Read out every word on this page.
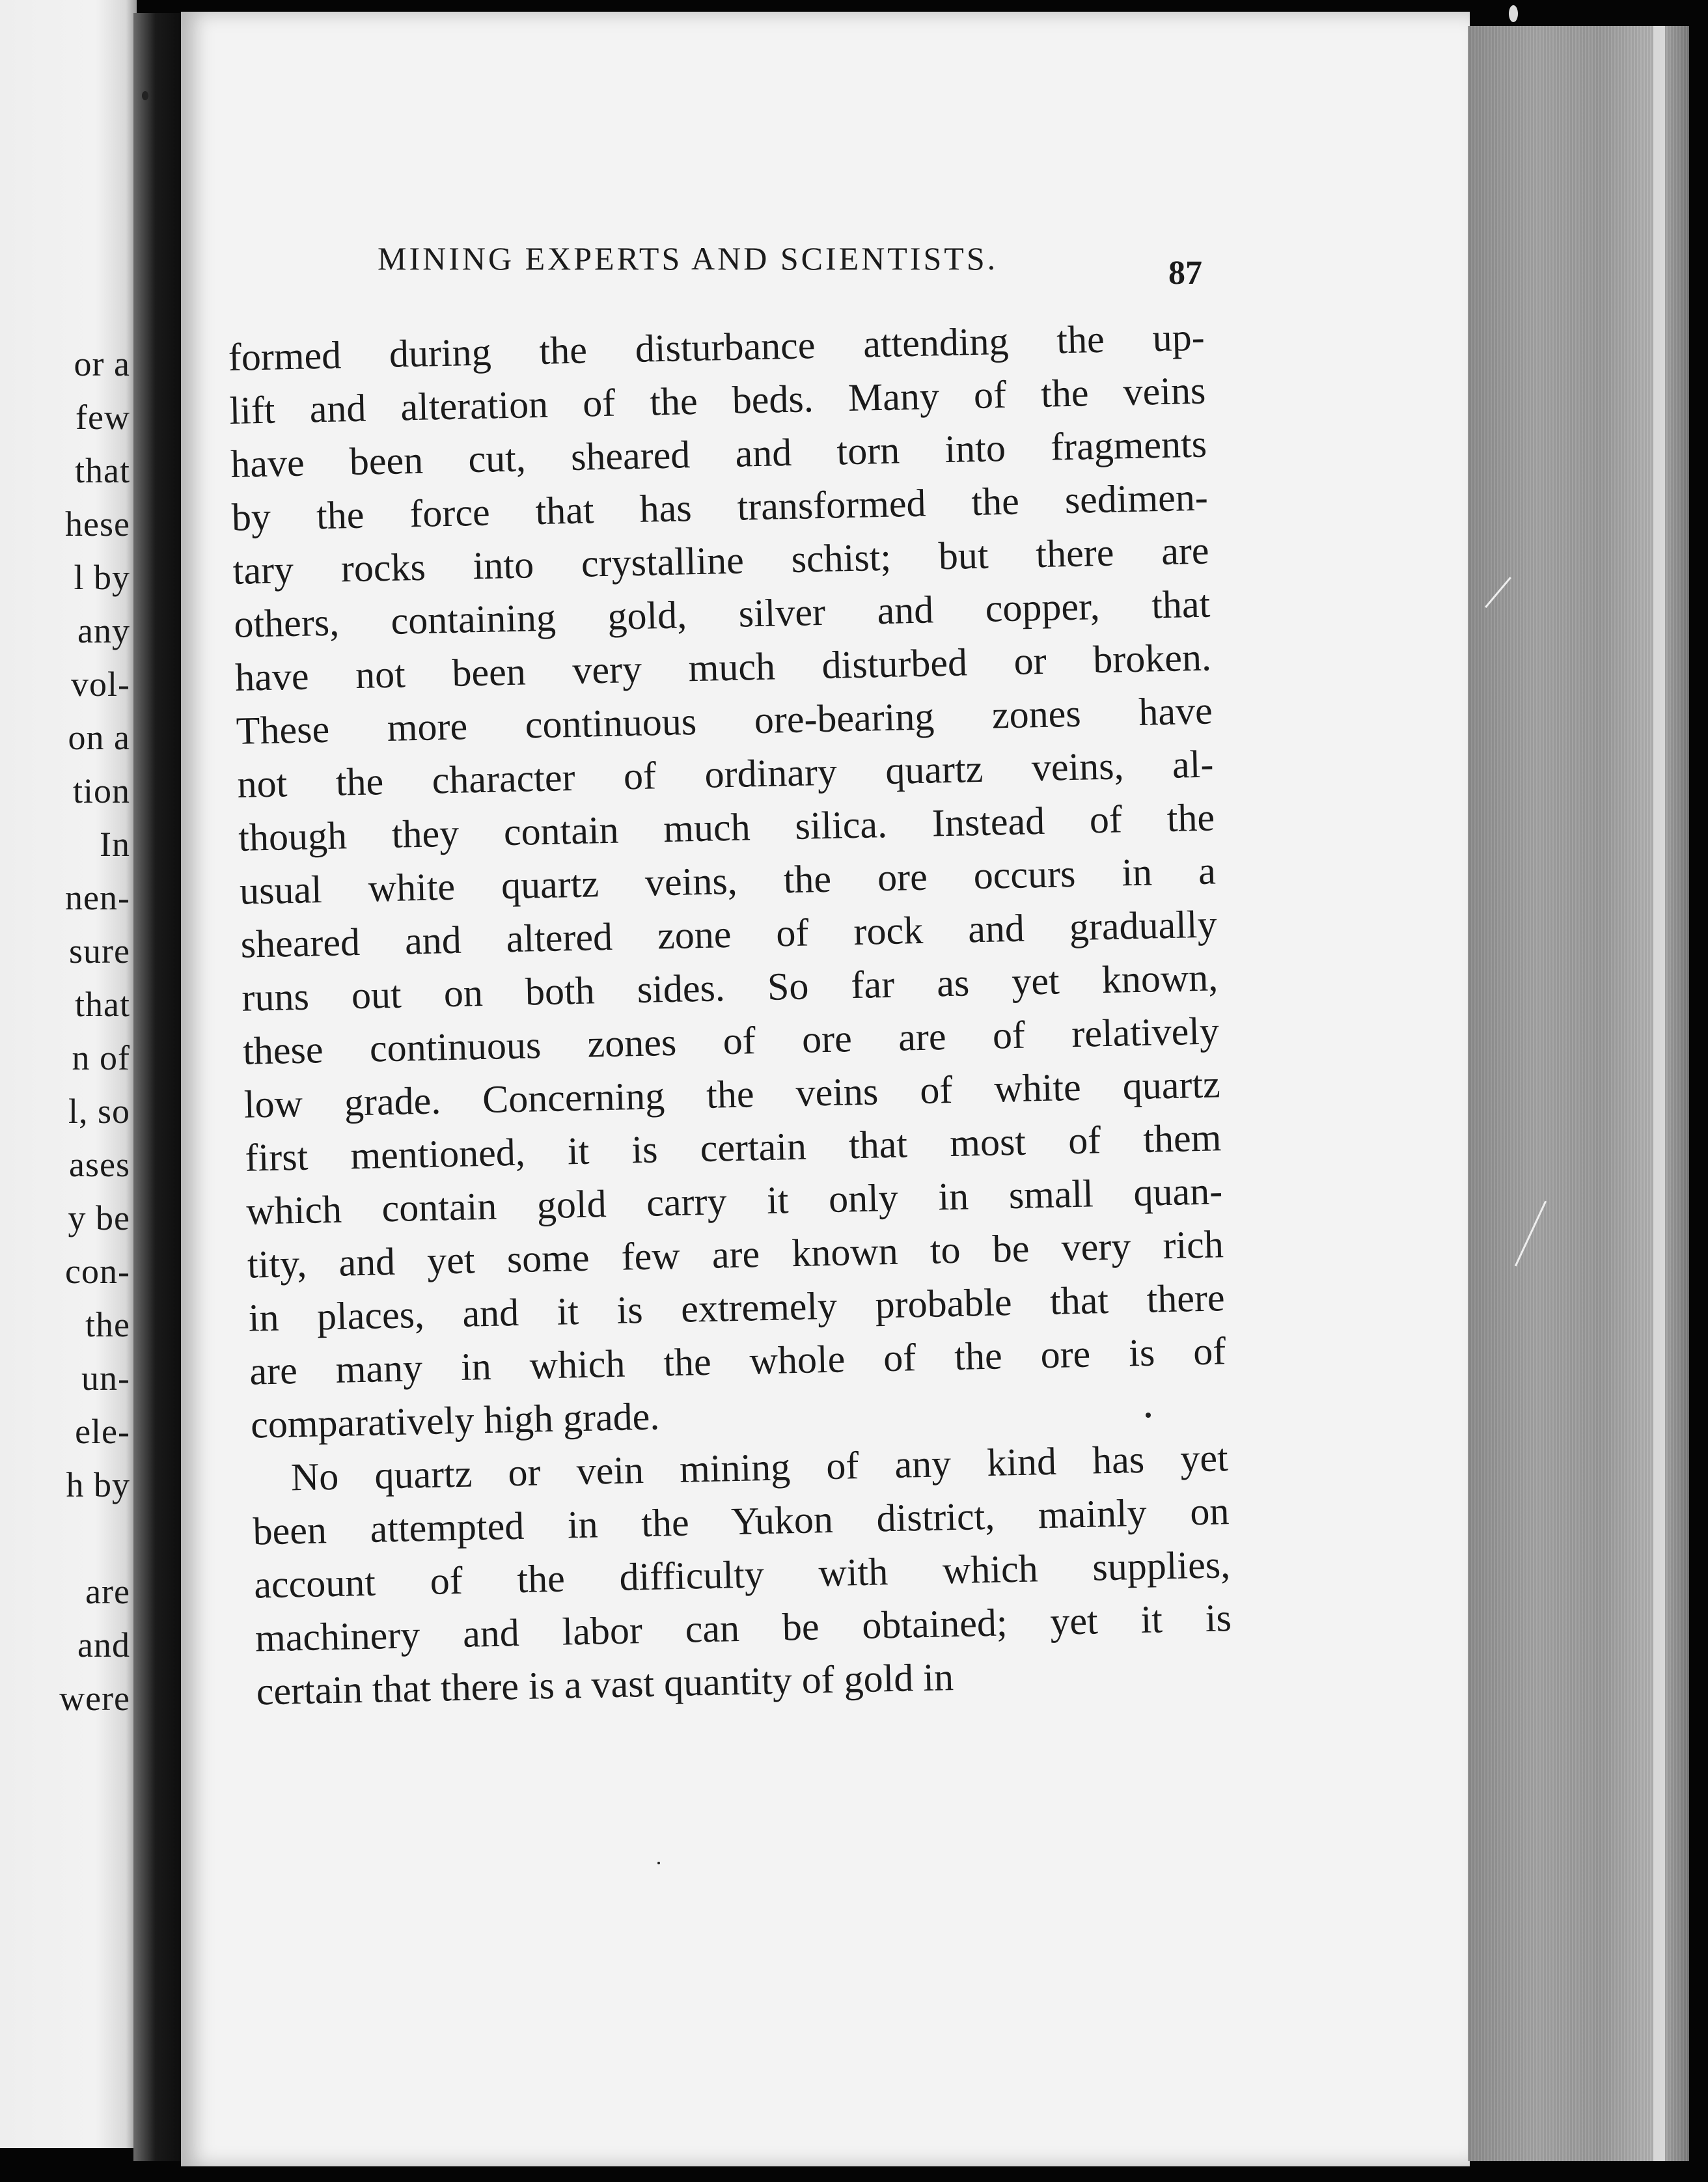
or a
few
that
hese
l by
any
vol-
on a
tion
In
nen-
sure
that
n of
l, so
ases
y be
con-
the
un-
ele-
h by
are
and
were
MINING EXPERTS AND SCIENTISTS.	87
formed during the disturbance attending the up-
lift and alteration of the beds. Many of the veins
have been cut, sheared and torn into fragments
by the force that has transformed the sedimen-
tary rocks into crystalline schist; but there are
others, containing gold, silver and copper, that
have not been very much disturbed or broken.
These more continuous ore-bearing zones have
not the character of ordinary quartz veins, al-
though they contain much silica. Instead of the
usual white quartz veins, the ore occurs in a
sheared and altered zone of rock and gradually
runs out on both sides. So far as yet known,
these continuous zones of ore are of relatively
low grade. Concerning the veins of white quartz
first mentioned, it is certain that most of them
which contain gold carry it only in small quan-
tity, and yet some few are known to be very rich
in places, and it is extremely probable that there
are many in which the whole of the ore is of
comparatively high grade.
No quartz or vein mining of any kind has yet
been attempted in the Yukon district, mainly on
account of the difficulty with which supplies,
machinery and labor can be obtained; yet it is
certain that there is a vast quantity of gold in
